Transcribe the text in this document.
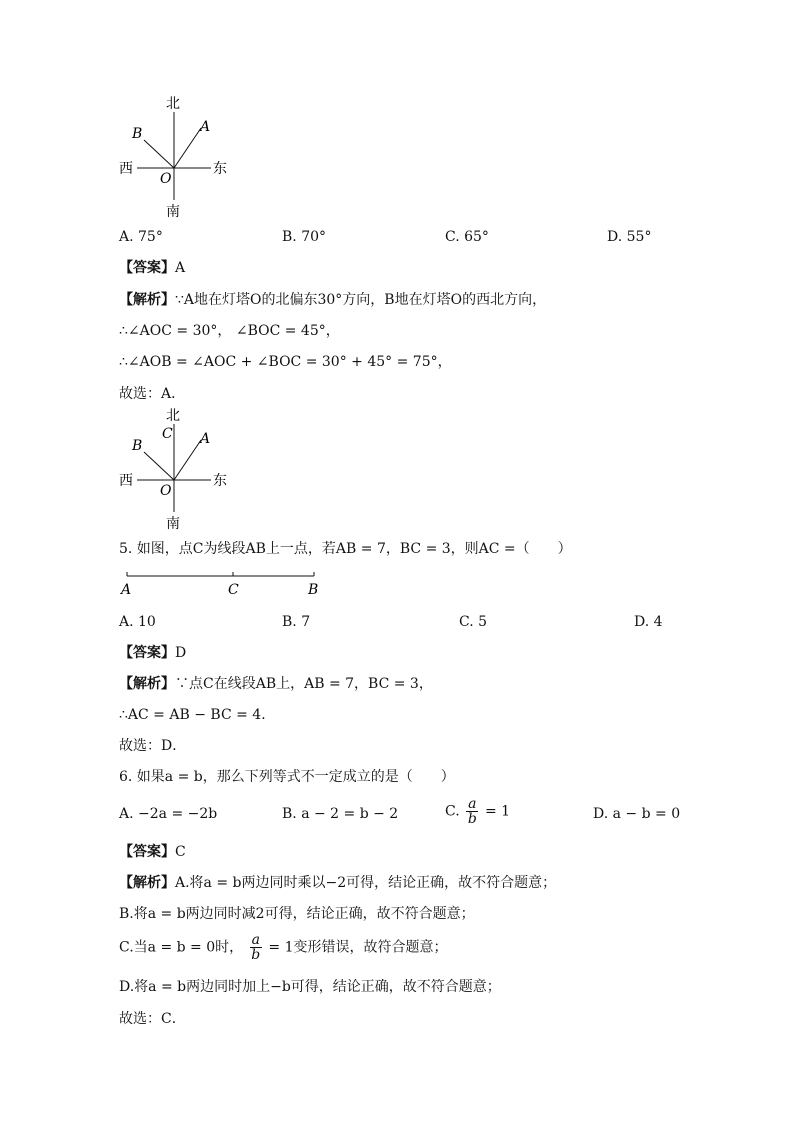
北
南
西	东
A
B
O
A. 75°	B. 70°	C. 65°	D. 55°
【答案】A
【解析】∵A地在灯塔O的北偏东30°方向，B地在灯塔O的西北方向，
∴∠AOC = 30°， ∠BOC = 45°，
∴∠AOB = ∠AOC + ∠BOC = 30° + 45° = 75°，
故选：A．
北
C
南
西	东
A
B
O
5. 如图，点C为线段AB上一点，若AB = 7，BC = 3，则AC =（　　）
A	C	B
A. 10	B. 7	C. 5	D. 4
【答案】D
【解析】∵点C在线段AB上，AB = 7，BC = 3，
∴AC = AB − BC = 4．
故选：D．
6. 如果a = b，那么下列等式不一定成立的是（　　）
A. −2a = −2b	B. a − 2 = b − 2	C. $\frac{a}{b} = 1$	D. a − b = 0
【答案】C
【解析】A.将a = b两边同时乘以−2可得，结论正确，故不符合题意；
B.将a = b两边同时减2可得，结论正确，故不符合题意；
C.当a = b = 0时， $\frac{a}{b} = 1$变形错误，故符合题意；
D.将a = b两边同时加上−b可得，结论正确，故不符合题意；
故选：C．
